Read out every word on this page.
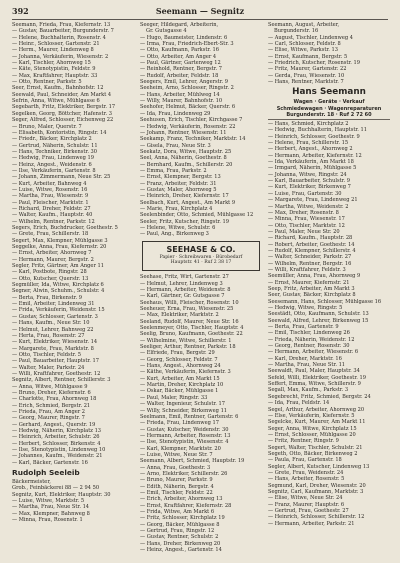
392	Seemann — Segnitz
Seemann, Frieda, Frau, Kiefernstr. 13
— Gustav, Bauarbeiter, Burgunderstr. 7
— Helene, Buchhalterin, Rosenstr. 4
— Heinr., Schlosser, Gartenstr. 21
— Herm., Maurer, Lindenweg 8
— Johanna, Verkäuferin, Wiesenstr. 2
— Karl, Tischler, Ahornweg 15
— Käte, Stenotypistin, Feldstr. 9
— Max, Kraftfahrer, Hauptstr. 33
— Otto, Rentner, Parkstr. 5
Seer, Ernst, Kaufm., Bahnhofstr. 12
Seewald, Paul, Schneider, Am Markt 4
Sefrin, Anna, Witwe, Mühlgasse 6
Segebarth, Fritz, Elektriker, Bergstr. 17
Segelken, Georg, Böttcher, Hafenstr. 3
Seger, Alfred, Schlosser, Eichenweg 22
— Bruno, Maler, Querstr. 7
— Elisabeth, Kontoristin, Ringstr. 14
— Friedr., Bäcker, Kirchplatz 2
— Gertrud, Näherin, Schulstr. 11
— Hans, Techniker, Birkenstr. 30
— Hedwig, Frau, Lindenweg 19
— Heinz, Angest., Weidenstr. 6
— Ilse, Verkäuferin, Gartenstr. 8
— Johann, Zimmermann, Neue Str. 25
— Kurt, Arbeiter, Bahnweg 4
— Luise, Witwe, Rosenstr. 16
— Martha, Frau, Wiesenstr. 9
— Paul, Fleischer, Marktstr. 1
— Richard, Dreher, Feldstr. 27
— Walter, Kaufm., Hauptstr. 40
— Wilhelm, Rentner, Parkstr. 12
Segers, Erich, Buchdrucker, Goethestr. 5
— Grete, Frau, Schillerstr. 18
Segert, Max, Klempner, Mühlgasse 3
Seggelke, Anna, Frau, Kiefernstr. 20
— Ernst, Arbeiter, Ahornweg 7
— Hermann, Maurer, Bergstr. 2
Segler, Fritz, Gärtner, Am Anger 11
— Karl, Postbote, Ringstr. 28
— Otto, Kutscher, Querstr. 13
Segmüller, Ida, Witwe, Kirchplatz 6
Segner, Alwin, Schuhm., Schulstr. 4
— Berta, Frau, Birkenstr. 9
— Emil, Arbeiter, Lindenweg 31
— Frida, Verkäuferin, Weidenstr. 15
— Gustav, Schlosser, Gartenstr. 3
— Hans, Kaufm., Neue Str. 10
— Helmut, Lehrer, Bahnweg 22
— Herta, Frau, Rosenstr. 27
— Kurt, Elektriker, Wiesenstr. 14
— Margarete, Frau, Marktstr. 8
— Otto, Tischler, Feldstr. 5
— Paul, Bauarbeiter, Hauptstr. 17
— Walter, Maler, Parkstr. 24
— Willi, Kraftfahrer, Goethestr. 12
Segnitz, Albert, Rentner, Schillerstr. 3
— Anna, Witwe, Mühlgasse 9
— Bruno, Dreher, Kiefernstr. 6
— Charlotte, Frau, Ahornweg 18
— Erich, Schmied, Bergstr. 21
— Frieda, Frau, Am Anger 2
— Georg, Maurer, Ringstr. 7
— Gerhard, Angest., Querstr. 19
— Hedwig, Näherin, Kirchplatz 13
— Heinrich, Arbeiter, Schulstr. 26
— Herbert, Schlosser, Birkenstr. 4
— Ilse, Stenotypistin, Lindenweg 10
— Johannes, Kaufm., Weidenstr. 21
— Karl, Bäcker, Gartenstr. 16
Rudolph Seeleib
Bäckermeister,
Grob., Feinbäckerei 88 — 2 94 50
Segnitz, Kurt, Elektriker, Hauptstr. 30
— Luise, Witwe, Marktstr. 5
— Martha, Frau, Neue Str. 14
— Max, Klempner, Bahnweg 8
— Minna, Frau, Rosenstr. 1
Seeger, Hildegard, Arbeiterin,
Gr. Gutsgasse 4
— Hugo, Baumeister, Lindenstr. 6
— Irma, Frau, Friedrich-Ebert-Str. 3
— Otto, Kaufmann, Parkstr. 16
— Otto, Arbeiter, Am Anger 4
— Paul, Gärtner, Gartenweg 12
— Reinhold, Rentner, Bergstr. 7
— Rudolf, Arbeiter, Feldstr. 18
Seegers, Emil, Lehrer, Angerstr. 9
Seeheim, Arno, Schlosser, Ringstr. 2
— Hans, Arbeiter, Mühlweg 14
— Willy, Maurer, Bahnhofstr. 10
Seehofer, Helmut, Bäcker, Querstr. 6
— Ida, Frau, Lindenweg 29
Seehusen, Erich, Tischler, Kirchgasse 7
— Hedwig, Verkäuferin, Rosenstr. 22
— Johann, Rentner, Wiesenstr. 11
Seekamp, Franz, Techniker, Marktstr. 14
— Gisela, Frau, Neue Str. 3
Seekatz, Dora, Witwe, Hauptstr. 25
Seel, Anna, Näherin, Goethestr. 8
— Bernhard, Kaufm., Schillerstr. 20
— Emma, Frau, Parkstr. 2
— Ernst, Klempner, Bergstr. 13
— Franz, Arbeiter, Feldstr. 31
— Gustav, Maler, Ahornweg 5
— Heinrich, Dreher, Kiefernstr. 17
Seelbach, Kurt, Angest., Am Markt 9
— Marie, Frau, Kirchplatz 4
Seelenbinder, Otto, Schmied, Mühlgasse 12
Seeler, Fritz, Kutscher, Ringstr. 19
— Helene, Witwe, Schulstr. 6
— Paul, Ang., Birkenweg 3
SEEHASE & CO.
Papier · Schreibwaren · Bürobedarf
Hauptstr. 41 · Ruf 2 38 17
Seehase, Fritz, Wirt, Gartenstr. 27
— Helmut, Lehrer, Lindenweg 3
— Hermann, Arbeiter, Weidenstr. 8
— Karl, Gärtner, Gr. Gutsgasse 7
Seehaus, Willi, Fleischer, Rosenstr. 10
Seeheuer, Erna, Frau, Wiesenstr. 25
— Max, Elektriker, Marktstr. 2
Seeland, Rudolf, Maurer, Neue Str. 16
Seelenmeyer, Otto, Tischler, Hauptstr. 4
Seelig, Bruno, Kaufmann, Goethestr. 22
— Wilhelmine, Witwe, Schillerstr. 1
Seeliger, Arthur, Rentner, Parkstr. 18
— Elfriede, Frau, Bergstr. 29
— Georg, Schlosser, Feldstr. 7
— Hans, Angest., Ahornweg 24
— Käthe, Verkäuferin, Kiefernstr. 3
— Kurt, Arbeiter, Am Markt 15
— Martin, Dreher, Kirchplatz 10
— Oskar, Bäcker, Mühlgasse 1
— Paul, Maler, Ringstr. 33
— Walter, Ingenieur, Schulstr. 17
— Willy, Schneider, Birkenweg 11
Seelmann, Emil, Rentner, Gartenstr. 6
— Frieda, Frau, Lindenweg 17
— Gustav, Kutscher, Weidenstr. 30
— Hermann, Arbeiter, Rosenstr. 13
— Ilse, Stenotypistin, Wiesenstr. 4
— Karl, Klempner, Marktstr. 20
— Luise, Witwe, Neue Str. 7
Seemann, Albert, Schmied, Hauptstr. 19
— Anna, Frau, Goethestr. 3
— Arno, Elektriker, Schillerstr. 26
— Bruno, Maurer, Parkstr. 9
— Edith, Näherin, Bergstr. 4
— Emil, Tischler, Feldstr. 22
— Erich, Arbeiter, Ahornweg 13
— Ernst, Kraftfahrer, Kiefernstr. 28
— Frida, Witwe, Am Markt 6
— Fritz, Schlosser, Kirchplatz 19
— Georg, Bäcker, Mühlgasse 8
— Gertrud, Frau, Ringstr. 12
— Gustav, Rentner, Schulstr. 2
— Hans, Dreher, Birkenweg 20
— Heinz, Angest., Gartenstr. 14
Seemann, August, Arbeiter,
Burgunderstr. 16
— August, Tischler, Lindenweg 4
— Carl, Schlosser, Feldstr. 8
— Elise, Witwe, Parkstr. 13
— Ernst, Kaufmann, Bergstr. 5
— Friedrich, Kutscher, Rosenstr. 19
— Fritz, Maurer, Gartenstr. 22
— Gerda, Frau, Wiesenstr. 10
— Hans, Rentner, Marktstr. 7
Hans Seemann
Wagen · Geräte · Verkauf
Schmiedewagen · Wagenreparaturen
Burgunderstr. 18 · Ruf 2 72 60
— Hans, Schmied, Kirchplatz 2
— Hedwig, Buchhalterin, Hauptstr. 11
— Heinrich, Schlosser, Goethestr. 9
— Helene, Frau, Schillerstr. 15
— Herbert, Angest., Ahornweg 2
— Hermann, Arbeiter, Kiefernstr. 12
— Ida, Verkäuferin, Am Markt 18
— Irmgard, Näherin, Mühlgasse 5
— Johanna, Witwe, Ringstr. 24
— Karl, Bauarbeiter, Schulstr. 9
— Kurt, Elektriker, Birkenweg 7
— Luise, Frau, Gartenstr. 30
— Margarete, Frau, Lindenweg 21
— Martha, Witwe, Weidenstr. 2
— Max, Dreher, Rosenstr. 8
— Minna, Frau, Wiesenstr. 17
— Otto, Tischler, Marktstr. 12
— Paul, Maler, Neue Str. 20
— Richard, Kaufm., Hauptstr. 28
— Robert, Arbeiter, Goethestr. 14
— Rudolf, Klempner, Schillerstr. 4
— Walter, Schneider, Parkstr. 27
— Wilhelm, Rentner, Bergstr. 16
— Willi, Kraftfahrer, Feldstr. 3
Seemüller, Anna, Frau, Ahornweg 9
— Ernst, Maurer, Kiefernstr. 21
Seep, Fritz, Arbeiter, Am Markt 3
Seer, Gustav, Bäcker, Kirchplatz 8
Seesemann, Hans, Schlosser, Mühlgasse 16
— Hedwig, Witwe, Ringstr. 5
Seestädt, Otto, Kaufmann, Schulstr. 13
Seewald, Alfred, Lehrer, Birkenweg 15
— Berta, Frau, Gartenstr. 9
— Emil, Tischler, Lindenweg 26
— Frieda, Näherin, Weidenstr. 12
— Georg, Rentner, Rosenstr. 30
— Hermann, Arbeiter, Wiesenstr. 6
— Karl, Dreher, Marktstr. 16
— Martha, Frau, Neue Str. 11
Seewaldt, Paul, Maler, Hauptstr. 34
Sefeld, Willi, Elektriker, Goethestr. 19
Seffert, Emma, Witwe, Schillerstr. 9
Segall, Max, Kaufm., Parkstr. 3
Segebrecht, Fritz, Schmied, Bergstr. 24
— Ida, Frau, Feldstr. 14
Segel, Arthur, Arbeiter, Ahornweg 20
— Else, Verkäuferin, Kiefernstr. 5
Segelcke, Kurt, Maurer, Am Markt 11
Seger, Anna, Witwe, Kirchplatz 15
— Ernst, Schlosser, Mühlgasse 20
— Fritz, Rentner, Ringstr. 9
Segert, Walter, Tischler, Schulstr. 21
Segeth, Otto, Bäcker, Birkenweg 2
— Paula, Frau, Gartenstr. 18
Segler, Albert, Kutscher, Lindenweg 13
— Grete, Frau, Weidenstr. 24
— Hans, Arbeiter, Rosenstr. 5
Segmund, Karl, Dreher, Wiesenstr. 20
Segnitz, Carl, Kaufmann, Marktstr. 3
— Elise, Witwe, Neue Str. 24
— Franz, Maurer, Hauptstr. 6
— Gertrud, Frau, Goethestr. 27
— Heinrich, Schlosser, Schillerstr. 12
— Hermann, Arbeiter, Parkstr. 21
